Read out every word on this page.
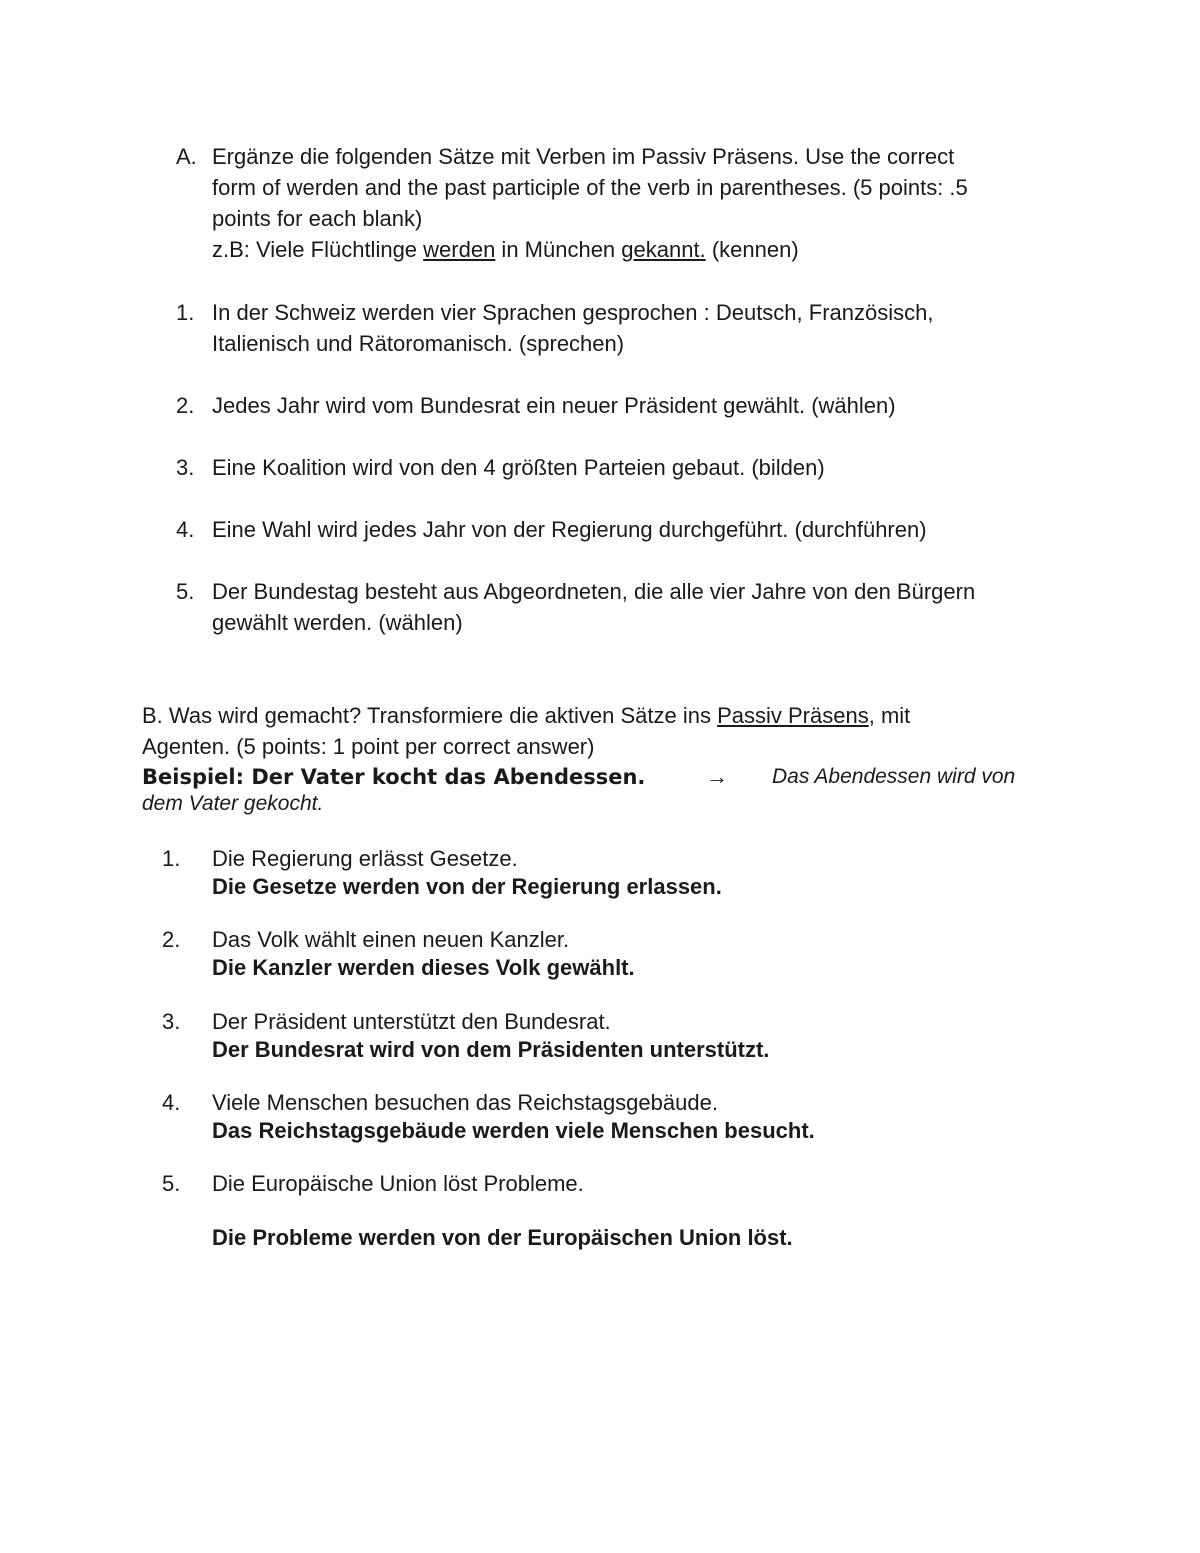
A. Ergänze die folgenden Sätze mit Verben im Passiv Präsens. Use the correct
form of werden and the past participle of the verb in parentheses. (5 points: .5
points for each blank)
z.B: Viele Flüchtlinge werden in München gekannt. (kennen)
1. In der Schweiz werden vier Sprachen gesprochen : Deutsch, Französisch,
Italienisch und Rätoromanisch. (sprechen)
2. Jedes Jahr wird vom Bundesrat ein neuer Präsident gewählt. (wählen)
3. Eine Koalition wird von den 4 größten Parteien gebaut. (bilden)
4. Eine Wahl wird jedes Jahr von der Regierung durchgeführt. (durchführen)
5. Der Bundestag besteht aus Abgeordneten, die alle vier Jahre von den Bürgern
gewählt werden. (wählen)
B. Was wird gemacht? Transformiere die aktiven Sätze ins Passiv Präsens, mit
Agenten. (5 points: 1 point per correct answer)
Beispiel: Der Vater kocht das Abendessen.	→ Das Abendessen wird von
dem Vater gekocht.
1. Die Regierung erlässt Gesetze.
Die Gesetze werden von der Regierung erlassen.
2. Das Volk wählt einen neuen Kanzler.
Die Kanzler werden dieses Volk gewählt.
3. Der Präsident unterstützt den Bundesrat.
Der Bundesrat wird von dem Präsidenten unterstützt.
4. Viele Menschen besuchen das Reichstagsgebäude.
Das Reichstagsgebäude werden viele Menschen besucht.
5. Die Europäische Union löst Probleme.
Die Probleme werden von der Europäischen Union löst.
